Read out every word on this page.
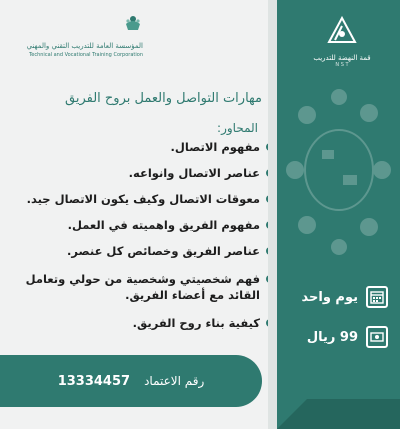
المؤسسة العامة للتدريب التقني والمهني
Technical and Vocational Training Corporation
مهارات التواصل والعمل بروح الفريق
المحاور:
مفهوم الاتصال.
عناصر الاتصال وانواعه.
معوقات الاتصال وكيف يكون الاتصال جيد.
مفهوم الفريق واهميته في العمل.
عناصر الفريق وخصائص كل عنصر.
فهم شخصيتي وشخصية من حولي وتعامل القائد مع أعضاء الفريق.
كيفية بناء روح الفريق.
رقم الاعتماد
13334457
قمة النهضة للتدريب
N S T
يوم واحد
99 ريال
